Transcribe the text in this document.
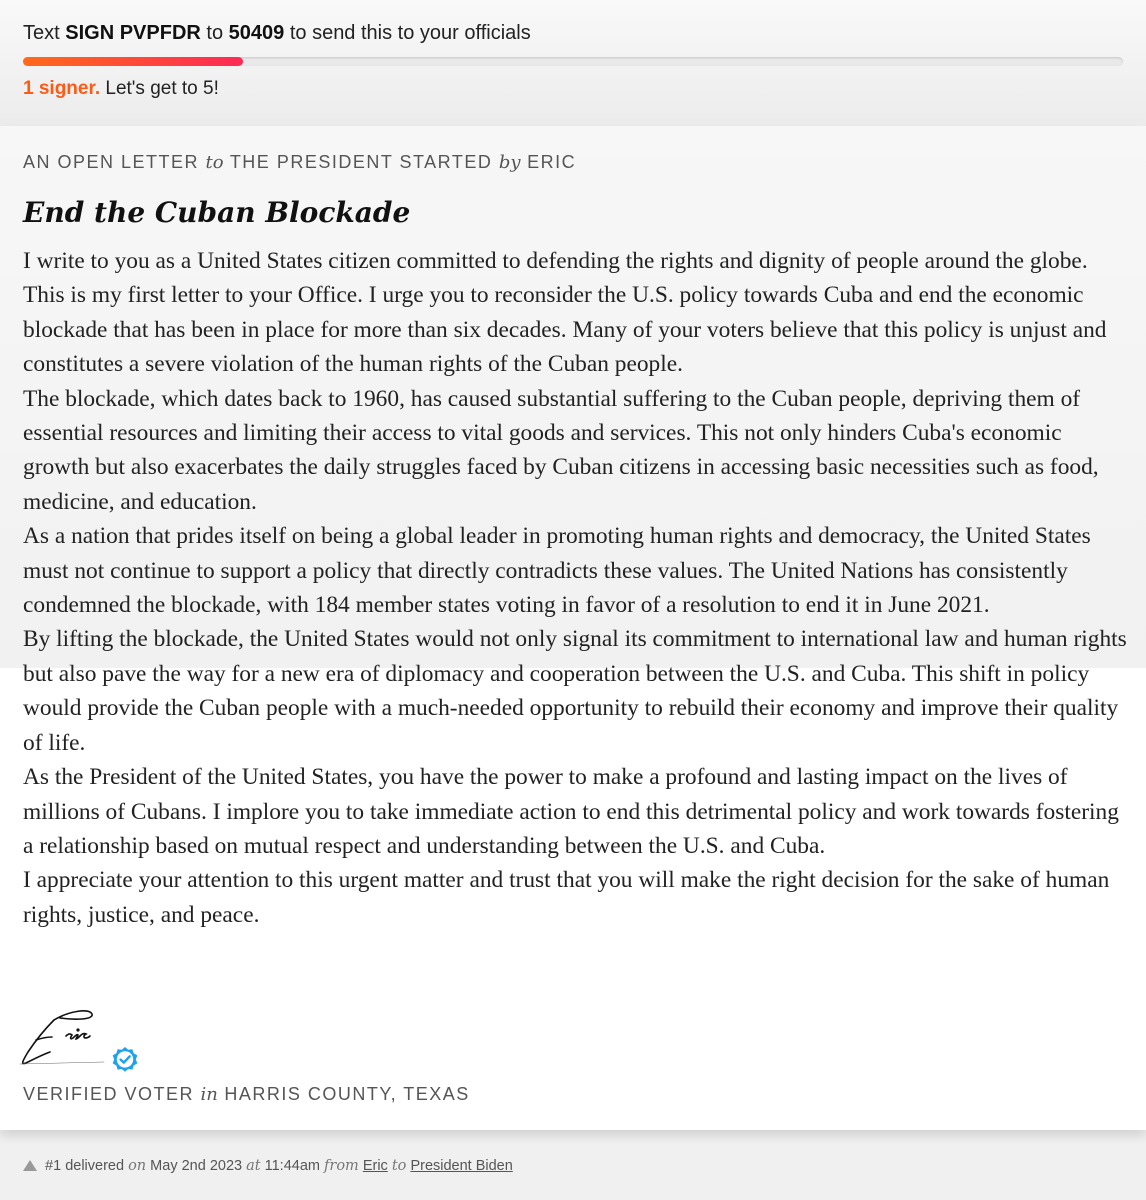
Text SIGN PVPFDR to 50409 to send this to your officials
1 signer. Let's get to 5!
AN OPEN LETTER to THE PRESIDENT STARTED by ERIC
End the Cuban Blockade

I write to you as a United States citizen committed to defending the rights and dignity of people around the globe. This is my first letter to your Office. I urge you to reconsider the U.S. policy towards Cuba and end the economic blockade that has been in place for more than six decades. Many of your voters believe that this policy is unjust and constitutes a severe violation of the human rights of the Cuban people.

The blockade, which dates back to 1960, has caused substantial suffering to the Cuban people, depriving them of essential resources and limiting their access to vital goods and services. This not only hinders Cuba's economic growth but also exacerbates the daily struggles faced by Cuban citizens in accessing basic necessities such as food, medicine, and education.

As a nation that prides itself on being a global leader in promoting human rights and democracy, the United States must not continue to support a policy that directly contradicts these values. The United Nations has consistently condemned the blockade, with 184 member states voting in favor of a resolution to end it in June 2021.

By lifting the blockade, the United States would not only signal its commitment to international law and human rights but also pave the way for a new era of diplomacy and cooperation between the U.S. and Cuba. This shift in policy would provide the Cuban people with a much-needed opportunity to rebuild their economy and improve their quality of life.

As the President of the United States, you have the power to make a profound and lasting impact on the lives of millions of Cubans. I implore you to take immediate action to end this detrimental policy and work towards fostering a relationship based on mutual respect and understanding between the U.S. and Cuba.

I appreciate your attention to this urgent matter and trust that you will make the right decision for the sake of human rights, justice, and peace.

VERIFIED VOTER in HARRIS COUNTY, TEXAS
#1 delivered on May 2nd 2023 at 11:44am from Eric to President Biden
